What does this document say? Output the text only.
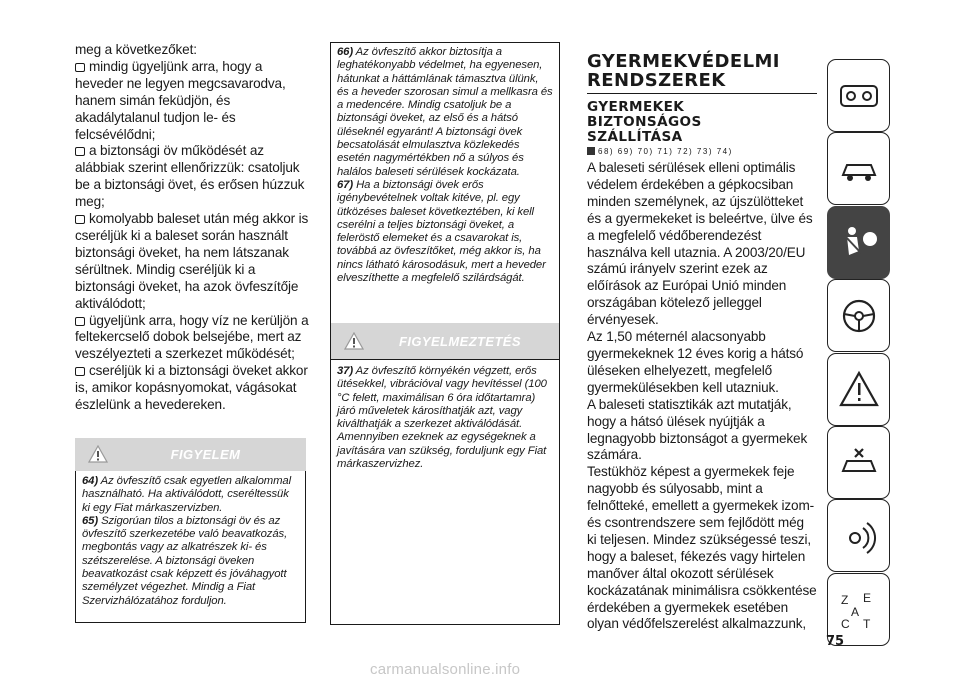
meg a következőket:

mindig ügyeljünk arra, hogy a heveder ne legyen megcsavarodva, hanem simán feküdjön, és akadálytalanul tudjon le- és felcsévélődni;

a biztonsági öv működését az alábbiak szerint ellenőrizzük: csatoljuk be a biztonsági övet, és erősen húzzuk meg;

komolyabb baleset után még akkor is cseréljük ki a baleset során használt biztonsági öveket, ha nem látszanak sérültnek. Mindig cseréljük ki a biztonsági öveket, ha azok övfeszítője aktiválódott;

ügyeljünk arra, hogy víz ne kerüljön a feltekercselő dobok belsejébe, mert az veszélyezteti a szerkezet működését;

cseréljük ki a biztonsági öveket akkor is, amikor kopásnyomokat, vágásokat észlelünk a hevedereken.

FIGYELEM

64) Az övfeszítő csak egyetlen alkalommal használható. Ha aktiválódott, cseréltessük ki egy Fiat márkaszervizben.

65) Szigorúan tilos a biztonsági öv és az övfeszítő szerkezetébe való beavatkozás, megbontás vagy az alkatrészek ki- és szétszerelése. A biztonsági öveken beavatkozást csak képzett és jóváhagyott személyzet végezhet. Mindig a Fiat Szervizhálózatához forduljon.

66) Az övfeszítő akkor biztosítja a leghatékonyabb védelmet, ha egyenesen, hátunkat a háttámlának támasztva ülünk, és a heveder szorosan simul a mellkasra és a medencére. Mindig csatoljuk be a biztonsági öveket, az első és a hátsó üléseknél egyaránt! A biztonsági övek becsatolását elmulasztva közlekedés esetén nagymértékben nő a súlyos és halálos baleseti sérülések kockázata.

67) Ha a biztonsági övek erős igénybevételnek voltak kitéve, pl. egy ütközéses baleset következtében, ki kell cserélni a teljes biztonsági öveket, a feleröstő elemeket és a csavarokat is, továbbá az övfeszítőket, még akkor is, ha nincs látható károsodásuk, mert a heveder elveszíthette a megfelelő szilárdságát.

FIGYELMEZTETÉS

37) Az övfeszítő környékén végzett, erős ütésekkel, vibrációval vagy hevítéssel (100 °C felett, maximálisan 6 óra időtartamra) járó műveletek károsíthatják azt, vagy kiválthatják a szerkezet aktiválódását. Amennyiben ezeknek az egységeknek a javítására van szükség, forduljunk egy Fiat márkaszervizhez.

GYERMEKVÉDELMI RENDSZEREK
GYERMEKEK BIZTONSÁGOS SZÁLLÍTÁSA
68) 69) 70) 71) 72) 73) 74)

A baleseti sérülések elleni optimális védelem érdekében a gépkocsiban minden személynek, az újszülötteket és a gyermekeket is beleértve, ülve és a megfelelő védőberendezést használva kell utaznia. A 2003/20/EU számú irányelv szerint ezek az előírások az Európai Unió minden országában kötelező jelleggel érvényesek.

Az 1,50 méternél alacsonyabb gyermekeknek 12 éves korig a hátsó üléseken elhelyezett, megfelelő gyermekülésekben kell utazniuk.

A baleseti statisztikák azt mutatják, hogy a hátsó ülések nyújtják a legnagyobb biztonságot a gyermekek számára.

Testükhöz képest a gyermekek feje nagyobb és súlyosabb, mint a felnőtteké, emellett a gyermekek izom- és csontrendszere sem fejlődött még ki teljesen. Mindez szükségessé teszi, hogy a baleset, fékezés vagy hirtelen manőver által okozott sérülések kockázatának minimálisra csökkentése érdekében a gyermekek esetében olyan védőfelszerelést alkalmazzunk,

Z E
A
C T
75
carmanualsonline.info
